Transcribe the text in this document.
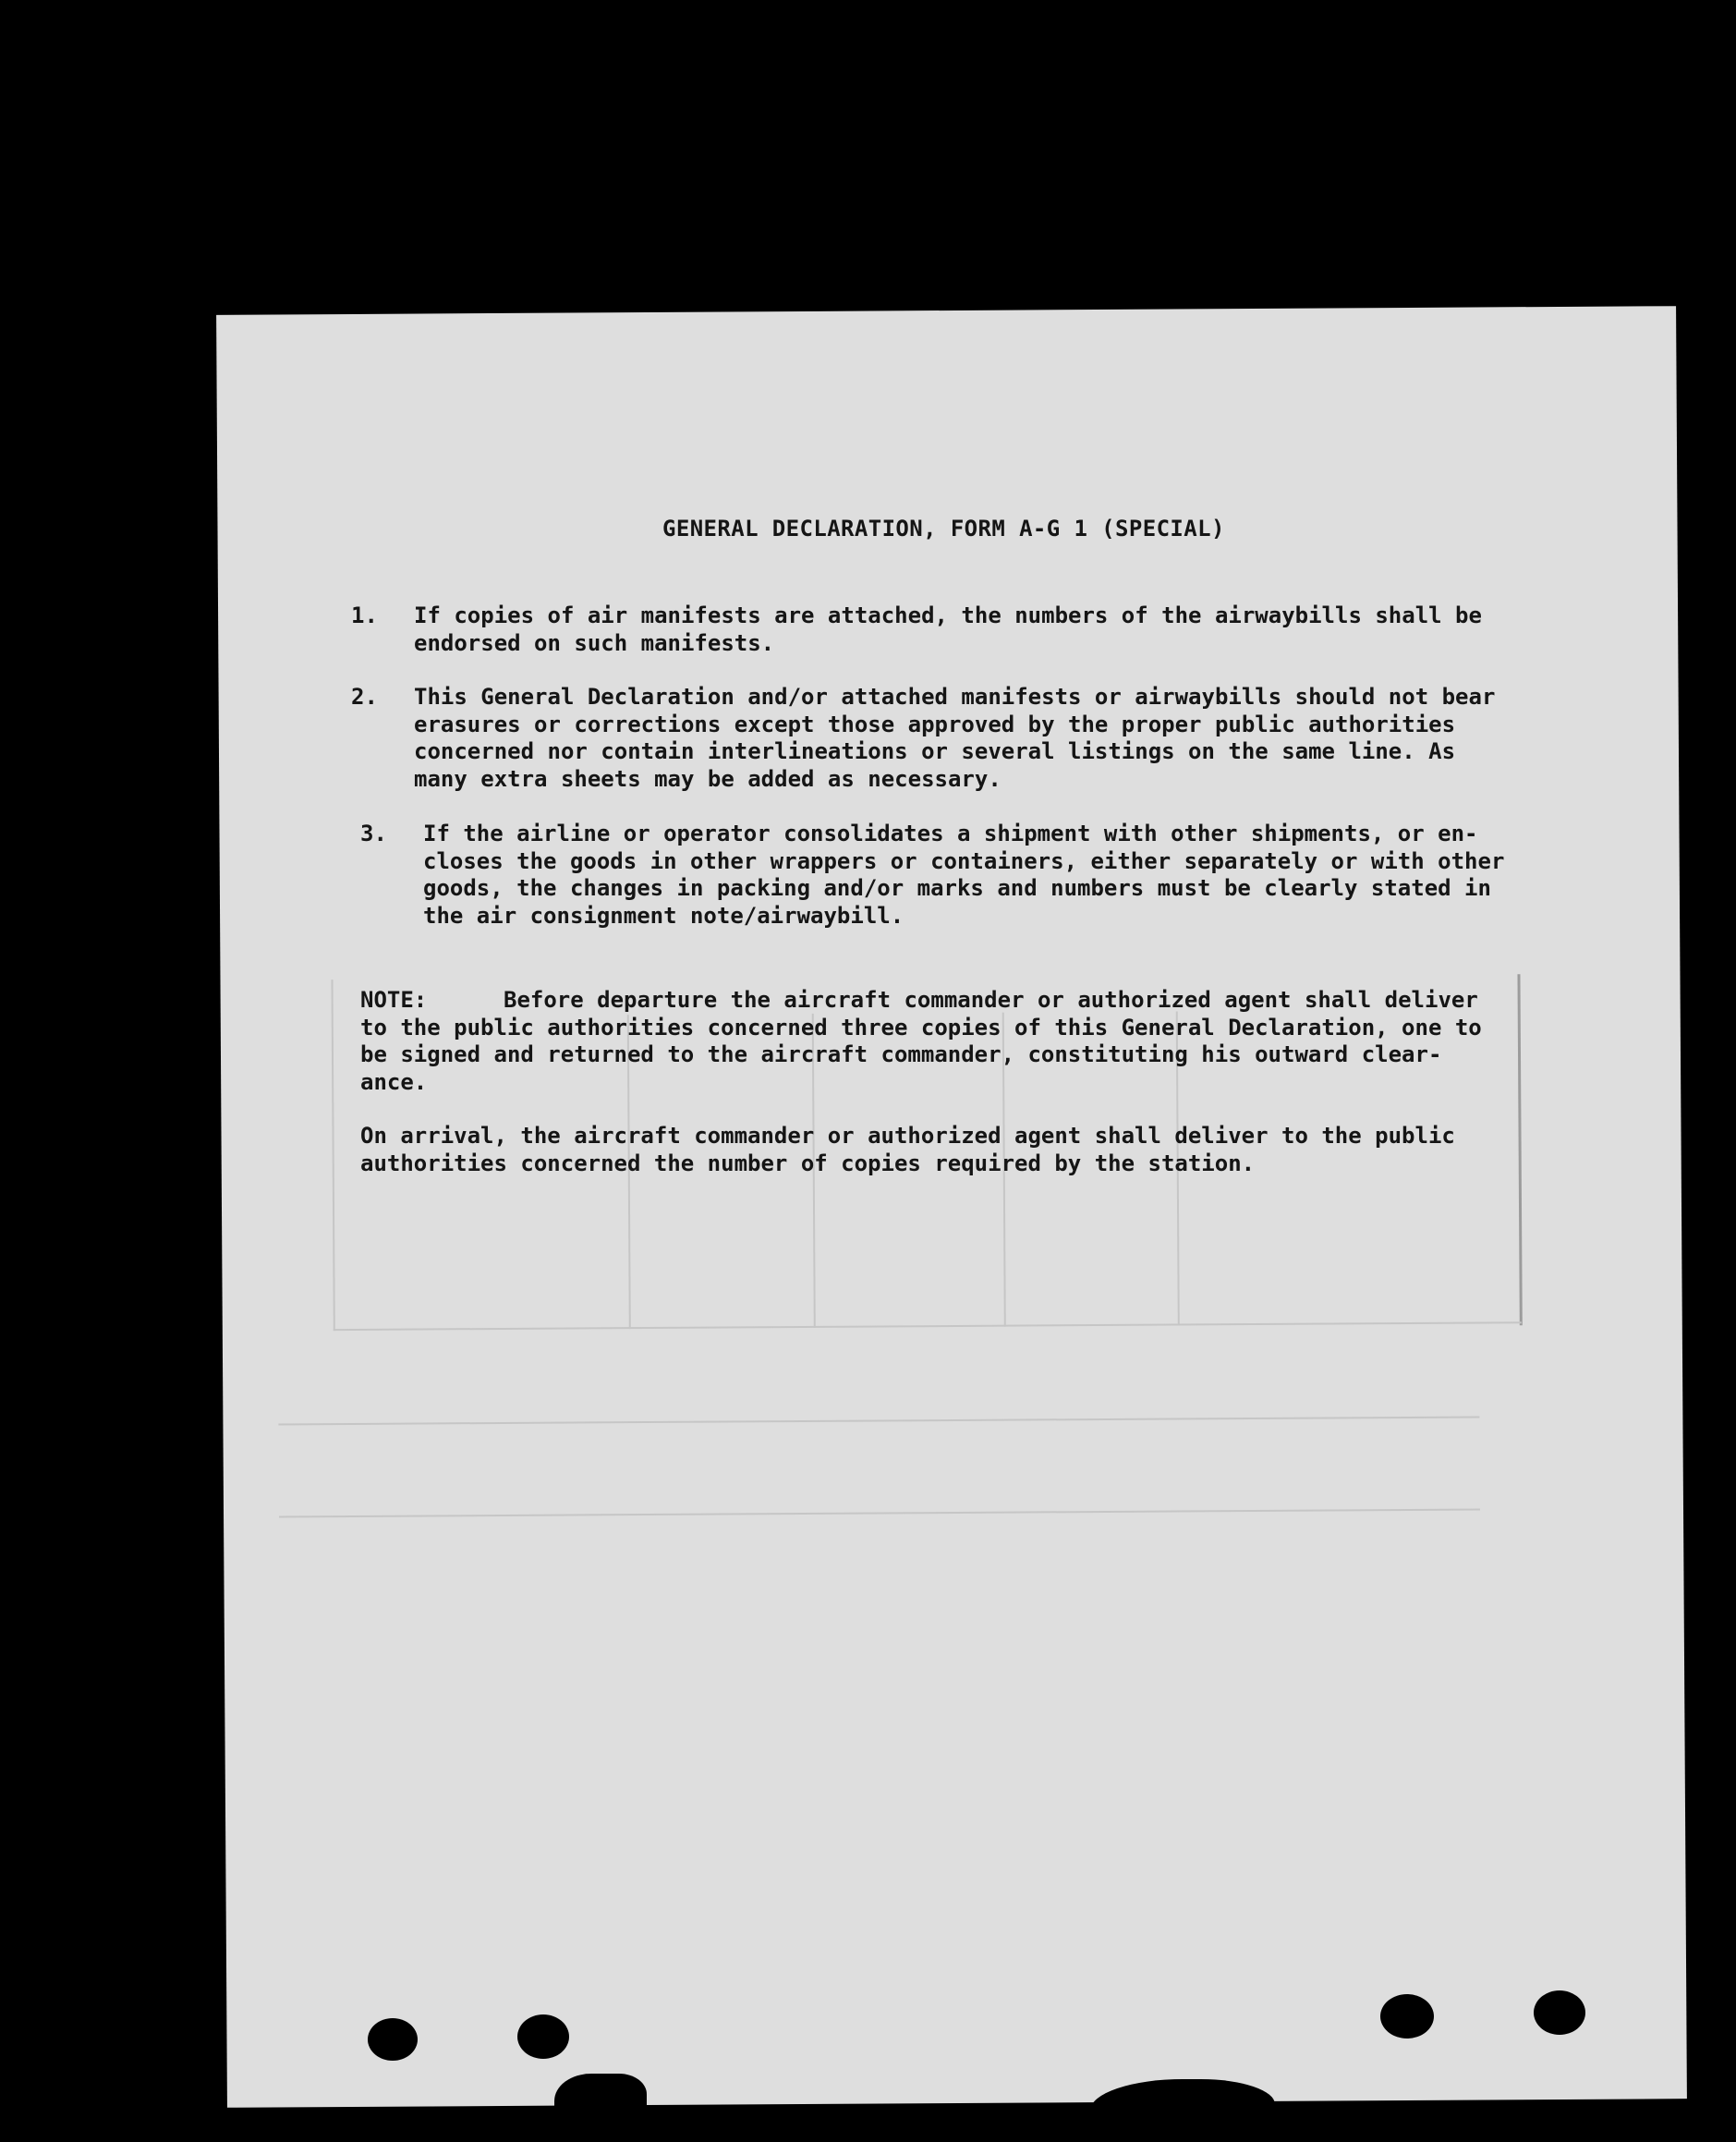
GENERAL DECLARATION, FORM A-G 1 (SPECIAL)
1. If copies of air manifests are attached, the numbers of the airwaybills shall be
endorsed on such manifests.
2. This General Declaration and/or attached manifests or airwaybills should not bear
erasures or corrections except those approved by the proper public authorities
concerned nor contain interlineations or several listings on the same line. As
many extra sheets may be added as necessary.
3. If the airline or operator consolidates a shipment with other shipments, or en-
closes the goods in other wrappers or containers, either separately or with other
goods, the changes in packing and/or marks and numbers must be clearly stated in
the air consignment note/airwaybill.
NOTE:	Before departure the aircraft commander or authorized agent shall deliver
to the public authorities concerned three copies of this General Declaration, one to
be signed and returned to the aircraft commander, constituting his outward clear-
ance.
On arrival, the aircraft commander or authorized agent shall deliver to the public
authorities concerned the number of copies required by the station.
